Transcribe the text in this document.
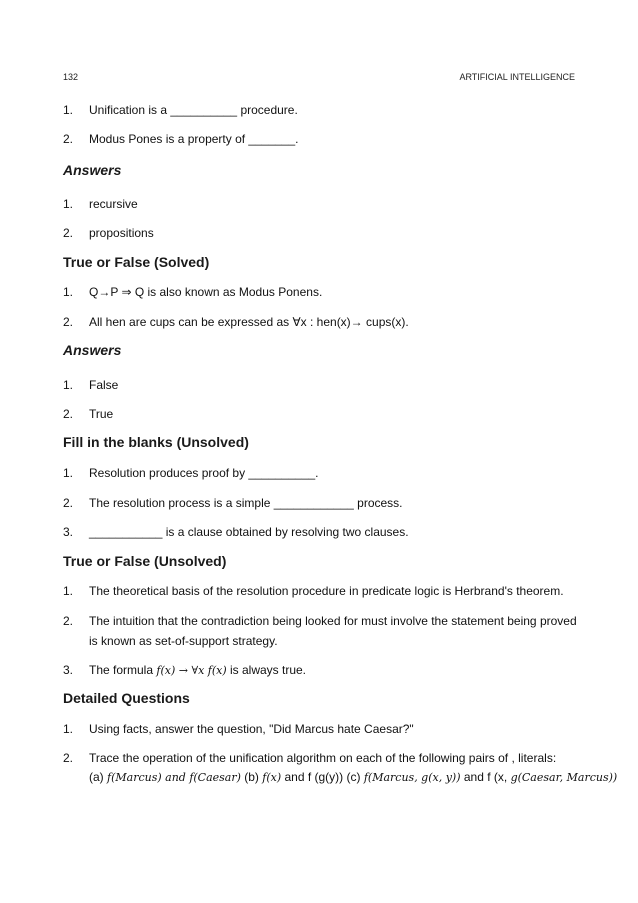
132	ARTIFICIAL INTELLIGENCE
1. Unification is a __________ procedure.
2. Modus Pones is a property of _______.
Answers
1. recursive
2. propositions
True or False (Solved)
1. Q→P ⇒ Q is also known as Modus Ponens.
2. All hen are cups can be expressed as ∀x : hen(x)→ cups(x).
Answers
1. False
2. True
Fill in the blanks (Unsolved)
1. Resolution produces proof by __________.
2. The resolution process is a simple ____________ process.
3. ___________ is a clause obtained by resolving two clauses.
True or False (Unsolved)
1. The theoretical basis of the resolution procedure in predicate logic is Herbrand's theorem.
2. The intuition that the contradiction being looked for must involve the statement being proved
is known as set-of-support strategy.
3. The formula f(x) → ∀x f(x) is always true.
Detailed Questions
1. Using facts, answer the question, "Did Marcus hate Caesar?"
2. Trace the operation of the unification algorithm on each of the following pairs of , literals:
(a) f(Marcus) and f(Caesar) (b) f(x) and f (g(y)) (c) f(Marcus, g(x, y)) and f (x, g(Caesar, Marcus))
